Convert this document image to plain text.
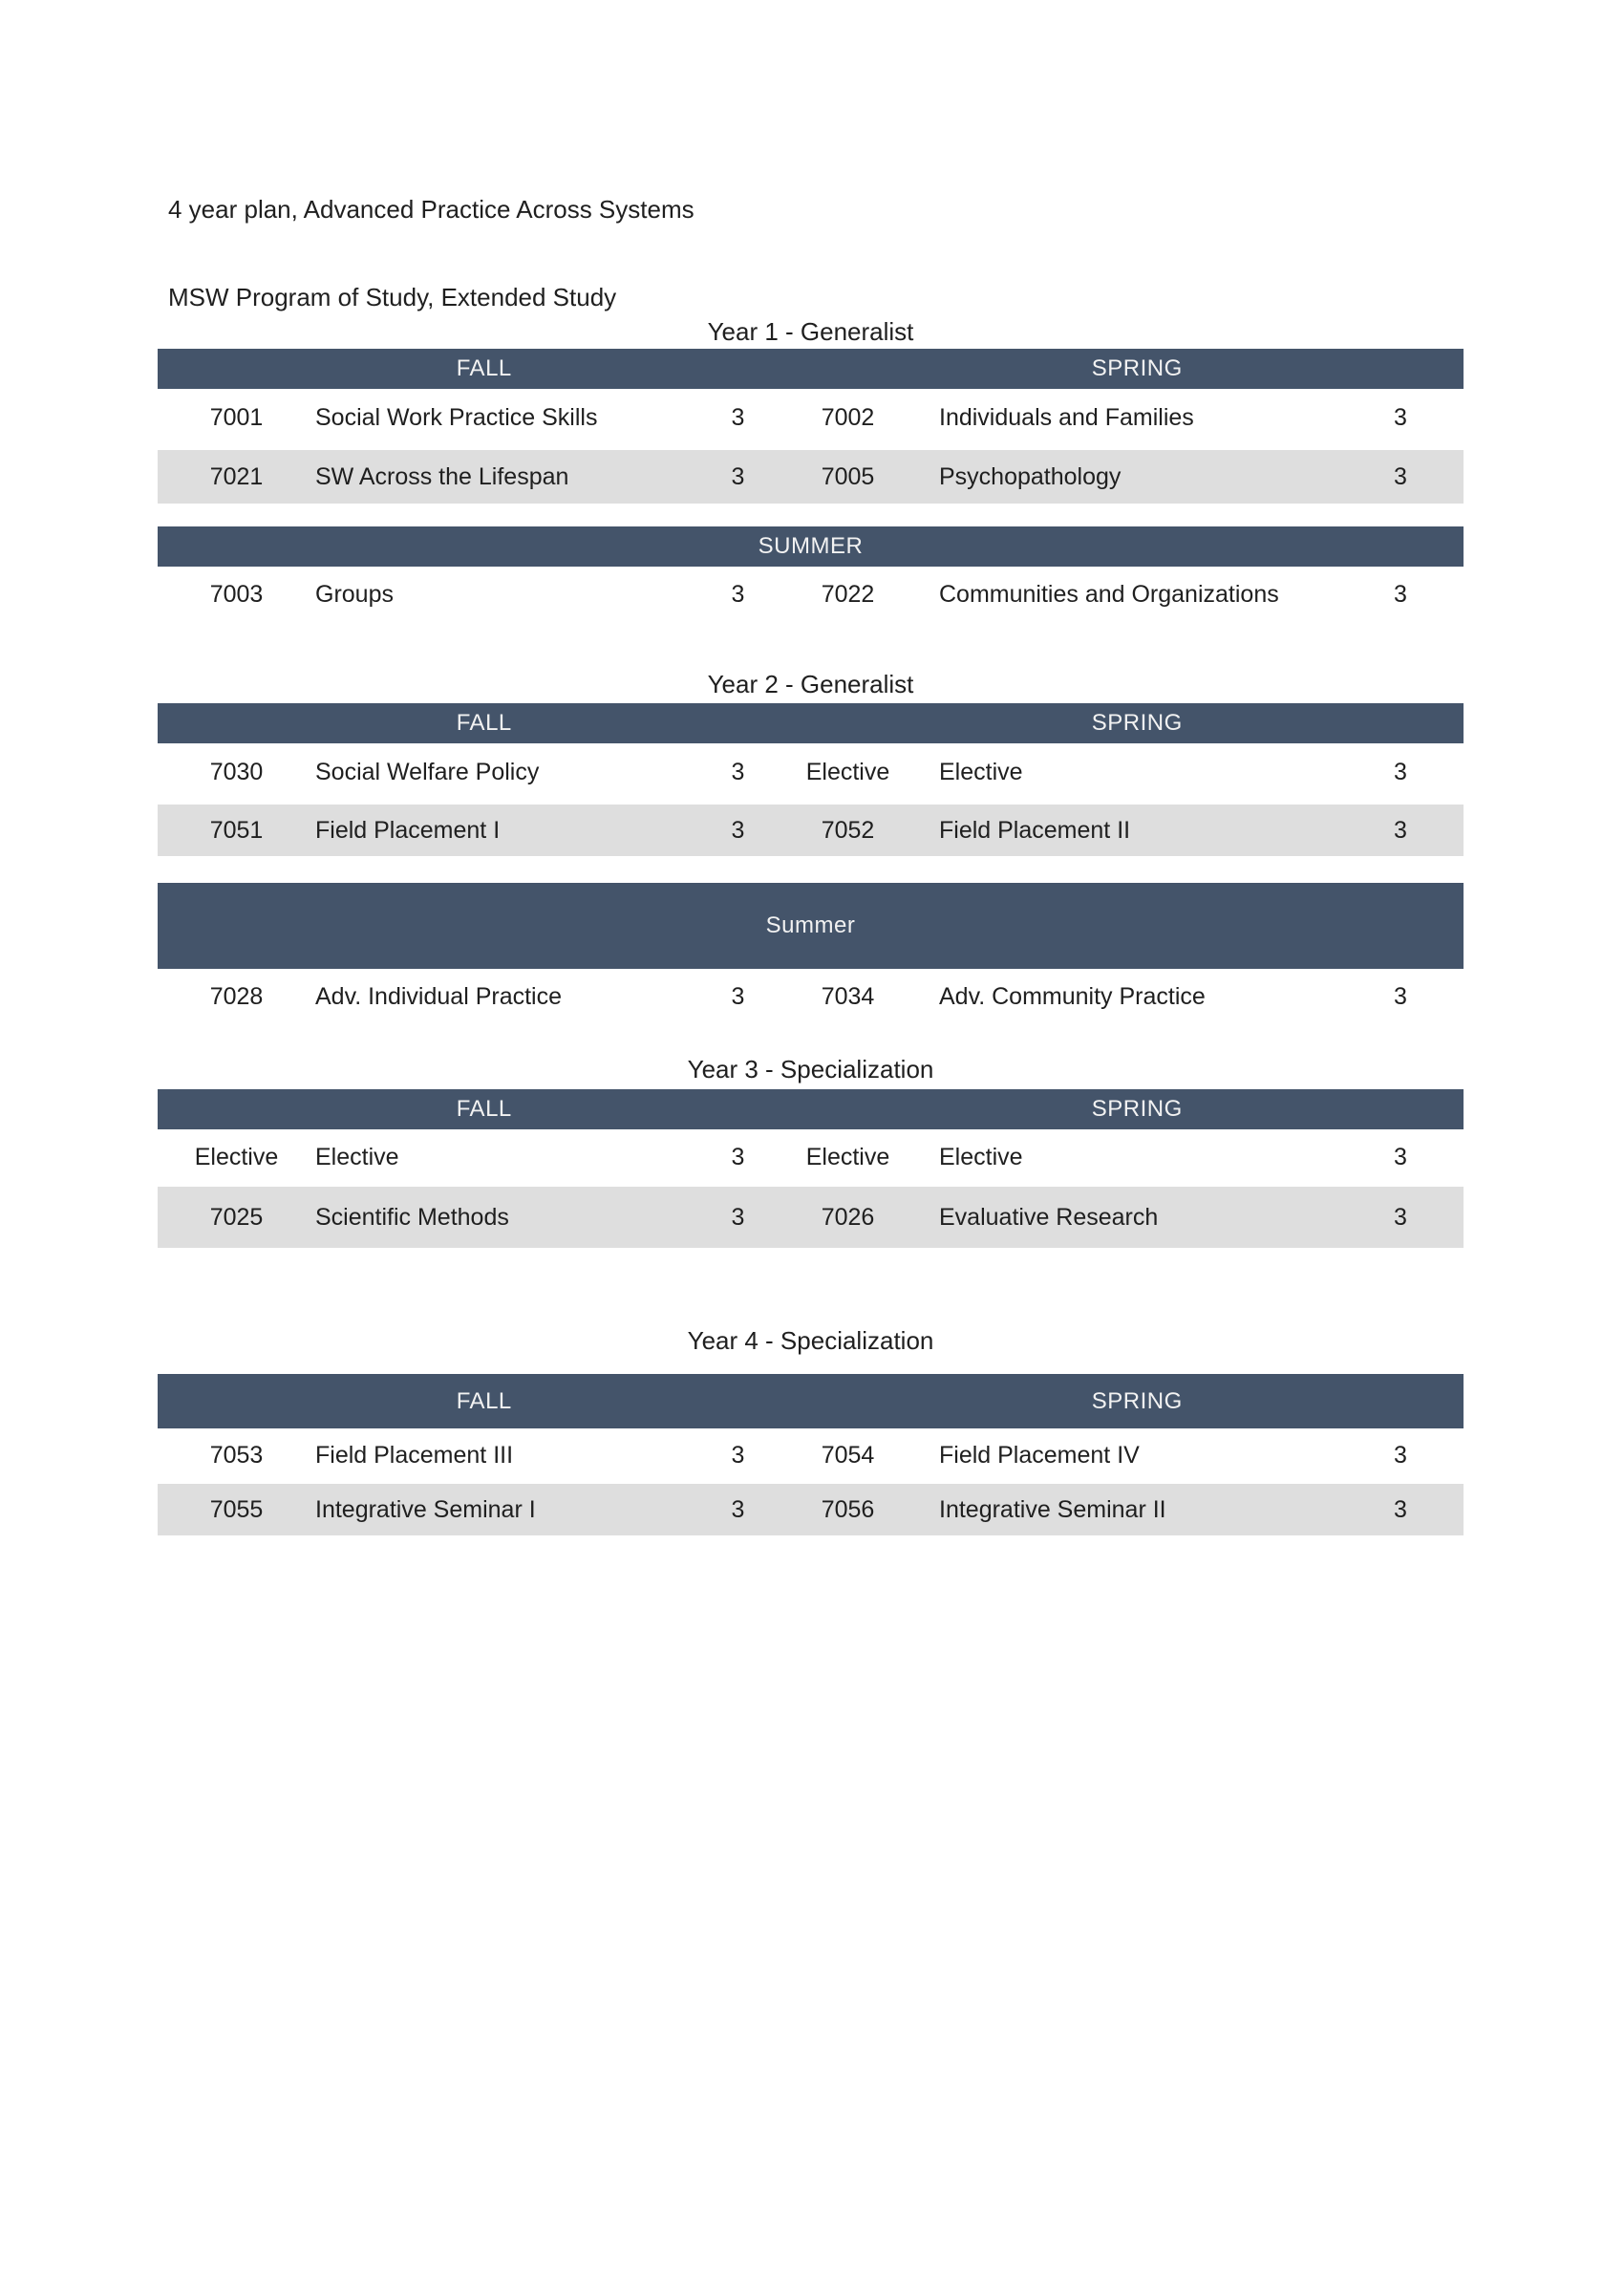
4 year plan, Advanced Practice Across Systems
MSW Program of Study, Extended Study
Year 1 - Generalist
FALL	SPRING
7001	Social Work Practice Skills	3	7002	Individuals and Families	3
7021	SW Across the Lifespan	3	7005	Psychopathology	3
SUMMER
7003	Groups	3	7022	Communities and Organizations	3
Year 2 - Generalist
FALL	SPRING
7030	Social Welfare Policy	3	Elective	Elective	3
7051	Field Placement I	3	7052	Field Placement II	3
Summer
7028	Adv. Individual Practice	3	7034	Adv. Community Practice	3
Year 3 - Specialization
FALL	SPRING
Elective	Elective	3	Elective	Elective	3
7025	Scientific Methods	3	7026	Evaluative Research	3
Year 4 - Specialization
FALL	SPRING
7053	Field Placement III	3	7054	Field Placement IV	3
7055	Integrative Seminar I	3	7056	Integrative Seminar II	3
